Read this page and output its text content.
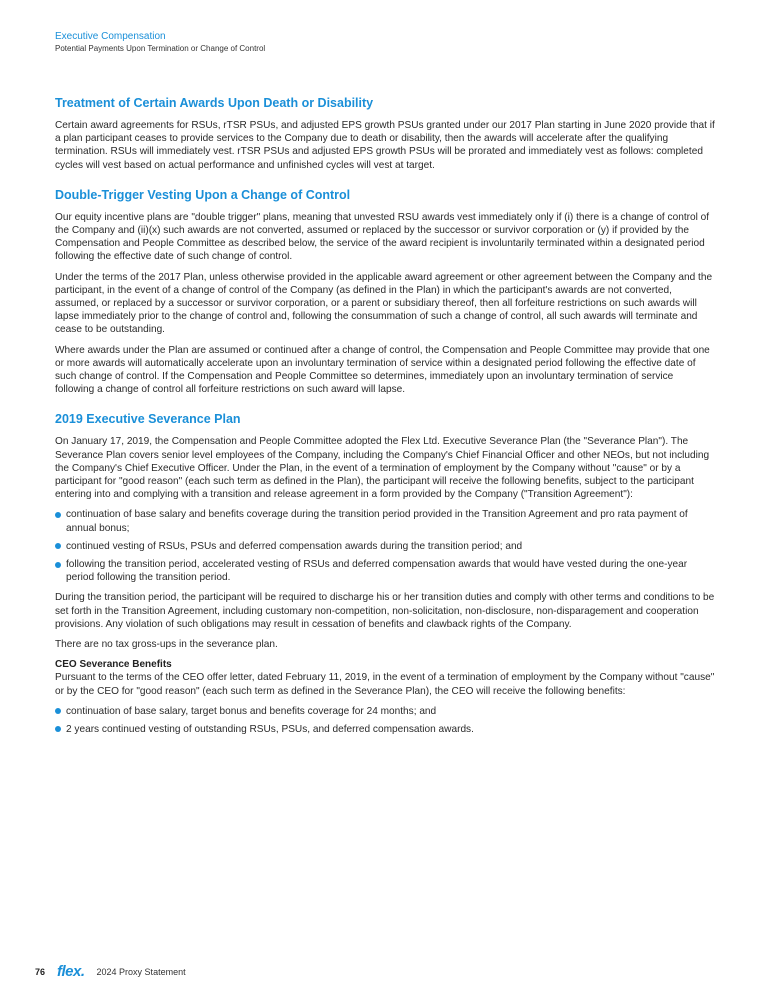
Executive Compensation
Potential Payments Upon Termination or Change of Control
Treatment of Certain Awards Upon Death or Disability

Certain award agreements for RSUs, rTSR PSUs, and adjusted EPS growth PSUs granted under our 2017 Plan starting in June 2020 provide that if a plan participant ceases to provide services to the Company due to death or disability, then the awards will accelerate after the qualifying termination. RSUs will immediately vest. rTSR PSUs and adjusted EPS growth PSUs will be prorated and immediately vest as follows: completed cycles will vest based on actual performance and unfinished cycles will vest at target.

Double-Trigger Vesting Upon a Change of Control

Our equity incentive plans are "double trigger" plans, meaning that unvested RSU awards vest immediately only if (i) there is a change of control of the Company and (ii)(x) such awards are not converted, assumed or replaced by the successor or survivor corporation or (y) if provided by the Compensation and People Committee as described below, the service of the award recipient is involuntarily terminated within a designated period following the effective date of such change of control.

Under the terms of the 2017 Plan, unless otherwise provided in the applicable award agreement or other agreement between the Company and the participant, in the event of a change of control of the Company (as defined in the Plan) in which the participant's awards are not converted, assumed, or replaced by a successor or survivor corporation, or a parent or subsidiary thereof, then all forfeiture restrictions on such awards will lapse immediately prior to the change of control and, following the consummation of such a change of control, all such awards will terminate and cease to be outstanding.

Where awards under the Plan are assumed or continued after a change of control, the Compensation and People Committee may provide that one or more awards will automatically accelerate upon an involuntary termination of service within a designated period following the effective date of such change of control. If the Compensation and People Committee so determines, immediately upon an involuntary termination of service following a change of control all forfeiture restrictions on such award will lapse.

2019 Executive Severance Plan

On January 17, 2019, the Compensation and People Committee adopted the Flex Ltd. Executive Severance Plan (the "Severance Plan"). The Severance Plan covers senior level employees of the Company, including the Company's Chief Financial Officer and other NEOs, but not including the Company's Chief Executive Officer. Under the Plan, in the event of a termination of employment by the Company without "cause" or by a participant for "good reason" (each such term as defined in the Plan), the participant will receive the following benefits, subject to the participant entering into and complying with a transition and release agreement in a form provided by the Company ("Transition Agreement"):

continuation of base salary and benefits coverage during the transition period provided in the Transition Agreement and pro rata payment of annual bonus;
continued vesting of RSUs, PSUs and deferred compensation awards during the transition period; and
following the transition period, accelerated vesting of RSUs and deferred compensation awards that would have vested during the one-year period following the transition period.

During the transition period, the participant will be required to discharge his or her transition duties and comply with other terms and conditions to be set forth in the Transition Agreement, including customary non-competition, non-solicitation, non-disclosure, non-disparagement and cooperation provisions. Any violation of such obligations may result in cessation of benefits and clawback rights of the Company.

There are no tax gross-ups in the severance plan.

CEO Severance Benefits

Pursuant to the terms of the CEO offer letter, dated February 11, 2019, in the event of a termination of employment by the Company without "cause" or by the CEO for "good reason" (each such term as defined in the Severance Plan), the CEO will receive the following benefits:

continuation of base salary, target bonus and benefits coverage for 24 months; and
2 years continued vesting of outstanding RSUs, PSUs, and deferred compensation awards.
76 flex. 2024 Proxy Statement
